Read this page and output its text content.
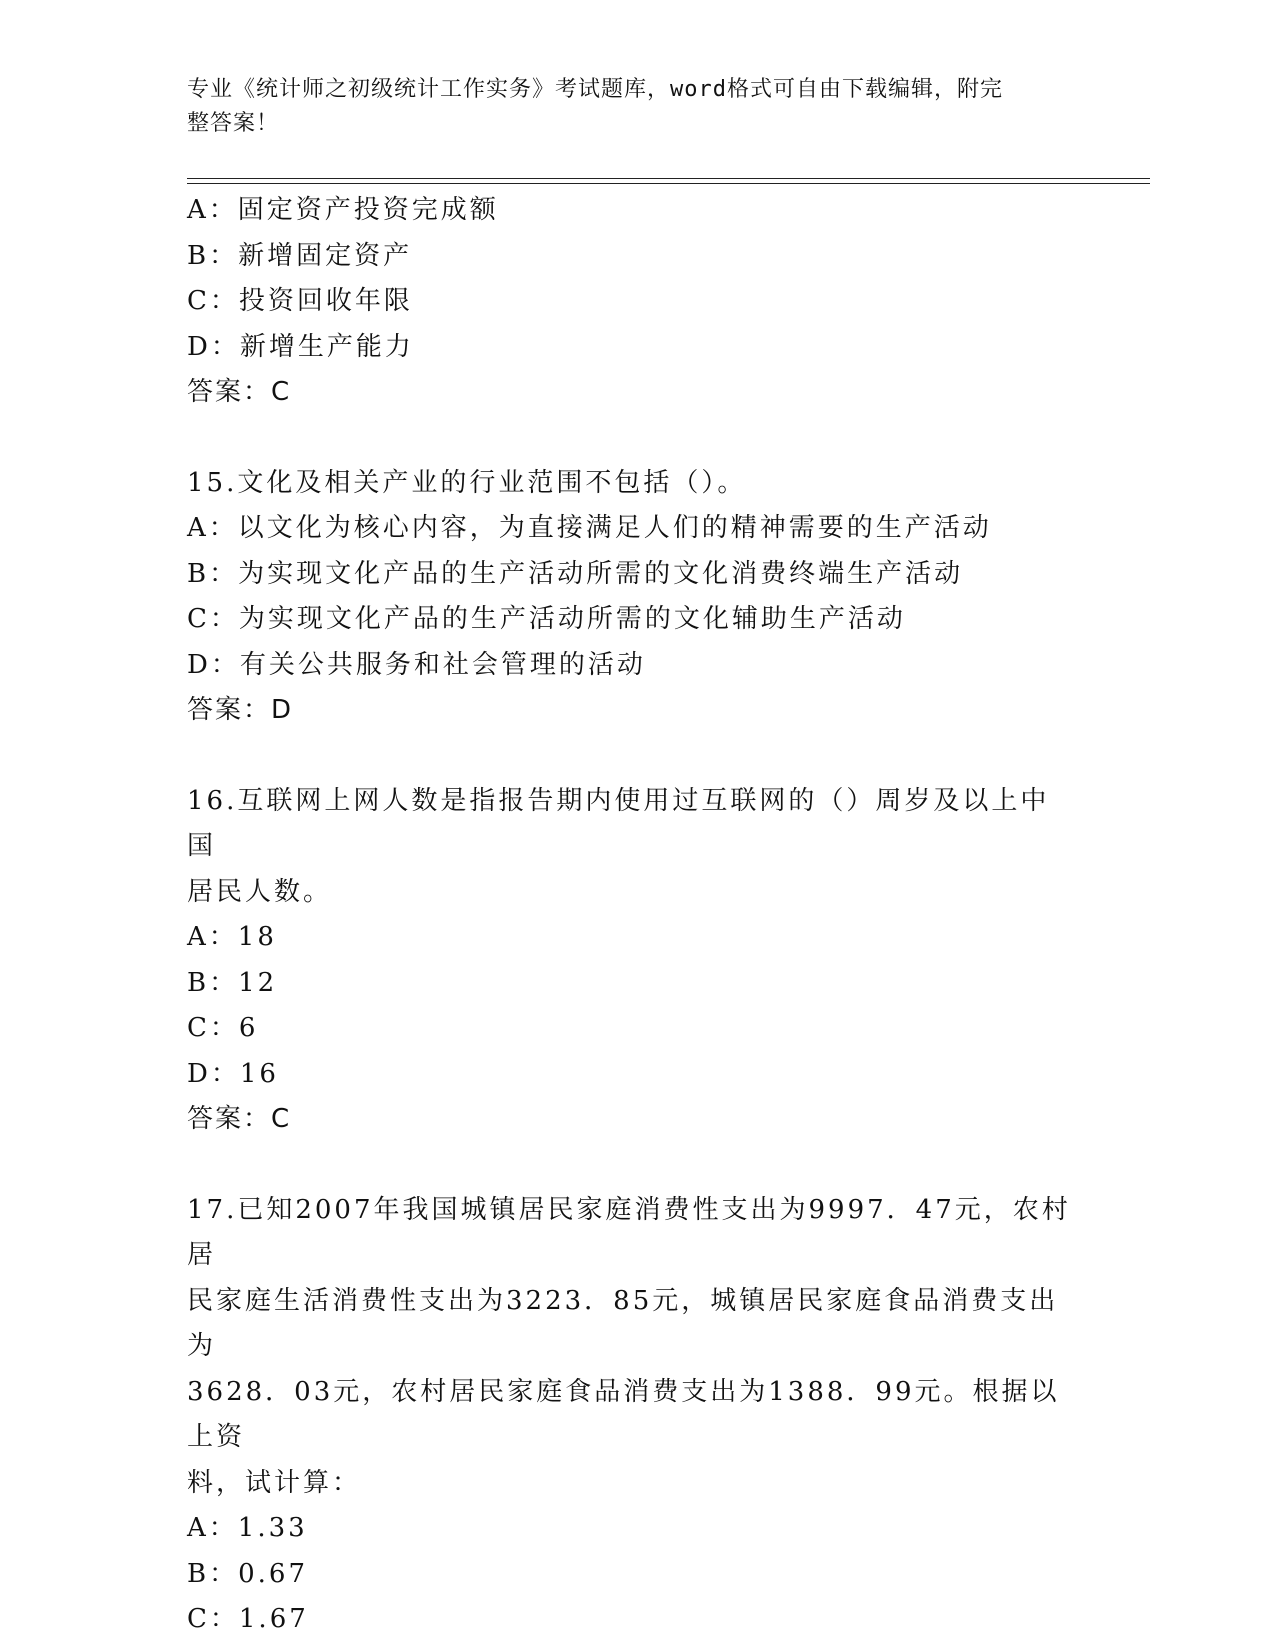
专业《统计师之初级统计工作实务》考试题库，word格式可自由下载编辑，附完
整答案！
A：固定资产投资完成额
B：新增固定资产
C：投资回收年限
D：新增生产能力
答案：C
15.文化及相关产业的行业范围不包括（）。
A：以文化为核心内容，为直接满足人们的精神需要的生产活动
B：为实现文化产品的生产活动所需的文化消费终端生产活动
C：为实现文化产品的生产活动所需的文化辅助生产活动
D：有关公共服务和社会管理的活动
答案：D
16.互联网上网人数是指报告期内使用过互联网的（）周岁及以上中国
居民人数。
A：18
B：12
C：6
D：16
答案：C
17.已知2007年我国城镇居民家庭消费性支出为9997．47元，农村居
民家庭生活消费性支出为3223．85元，城镇居民家庭食品消费支出为
3628．03元，农村居民家庭食品消费支出为1388．99元。根据以上资
料，试计算：
A：1.33
B：0.67
C：1.67
